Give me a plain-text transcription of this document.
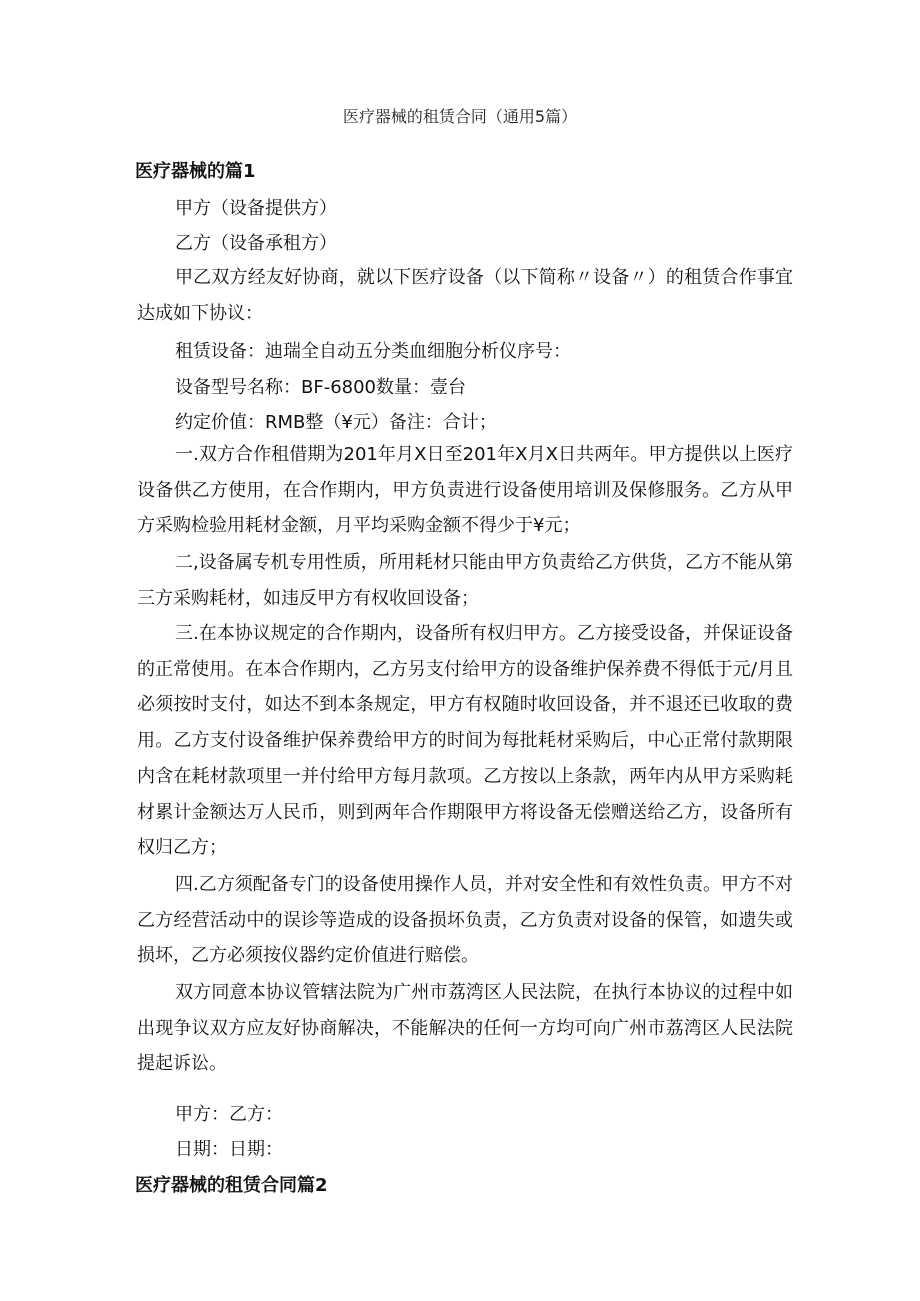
医疗器械的租赁合同（通用5篇）
医疗器械的篇1
甲方（设备提供方）
乙方（设备承租方）

甲乙双方经友好协商，就以下医疗设备（以下简称〃设备〃）的租赁合作事宜达成如下协议：

租赁设备：迪瑞全自动五分类血细胞分析仪序号：
设备型号名称：BF-6800数量：壹台
约定价值：RMB整（¥元）备注：合计；

一.双方合作租借期为201年月X日至201年X月X日共两年。甲方提供以上医疗设备供乙方使用，在合作期内，甲方负责进行设备使用培训及保修服务。乙方从甲方采购检验用耗材金额，月平均采购金额不得少于¥元；

二,设备属专机专用性质，所用耗材只能由甲方负责给乙方供货，乙方不能从第三方采购耗材，如违反甲方有权收回设备；

三.在本协议规定的合作期内，设备所有权归甲方。乙方接受设备，并保证设备的正常使用。在本合作期内，乙方另支付给甲方的设备维护保养费不得低于元/月且必须按时支付，如达不到本条规定，甲方有权随时收回设备，并不退还已收取的费用。乙方支付设备维护保养费给甲方的时间为每批耗材采购后，中心正常付款期限内含在耗材款项里一并付给甲方每月款项。乙方按以上条款，两年内从甲方采购耗材累计金额达万人民币，则到两年合作期限甲方将设备无偿赠送给乙方，设备所有权归乙方；

四.乙方须配备专门的设备使用操作人员，并对安全性和有效性负责。甲方不对乙方经营活动中的误诊等造成的设备损坏负责，乙方负责对设备的保管，如遗失或损坏，乙方必须按仪器约定价值进行赔偿。

双方同意本协议管辖法院为广州市荔湾区人民法院，在执行本协议的过程中如出现争议双方应友好协商解决，不能解决的任何一方均可向广州市荔湾区人民法院提起诉讼。

甲方：乙方：
日期：日期：
医疗器械的租赁合同篇2
